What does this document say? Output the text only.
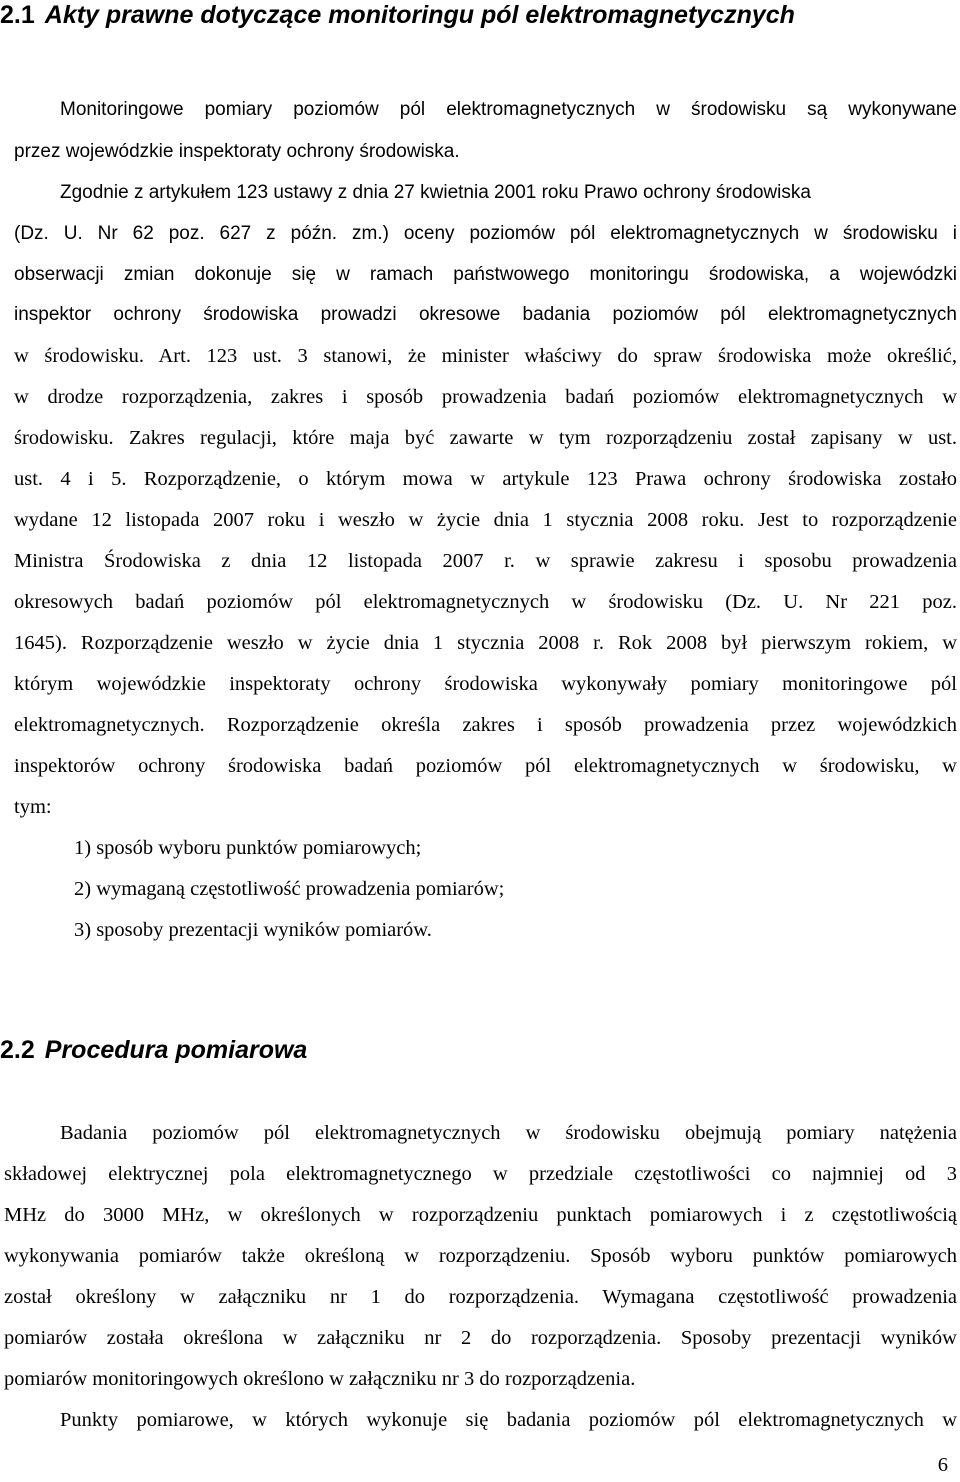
2.1 Akty prawne dotyczące monitoringu pól elektromagnetycznych

Monitoringowe pomiary poziomów pól elektromagnetycznych w środowisku są wykonywane

przez wojewódzkie inspektoraty ochrony środowiska.

Zgodnie z artykułem 123 ustawy z dnia 27 kwietnia 2001 roku Prawo ochrony środowiska

(Dz. U. Nr 62 poz. 627 z późn. zm.) oceny poziomów pól elektromagnetycznych w środowisku i

obserwacji zmian dokonuje się w ramach państwowego monitoringu środowiska, a wojewódzki

inspektor ochrony środowiska prowadzi okresowe badania poziomów pól elektromagnetycznych

w środowisku. Art. 123 ust. 3 stanowi, że minister właściwy do spraw środowiska może określić,

w drodze rozporządzenia, zakres i sposób prowadzenia badań poziomów elektromagnetycznych w

środowisku. Zakres regulacji, które maja być zawarte w tym rozporządzeniu został zapisany w ust.

ust. 4 i 5. Rozporządzenie, o którym mowa w artykule 123 Prawa ochrony środowiska zostało

wydane 12 listopada 2007 roku i weszło w życie dnia 1 stycznia 2008 roku. Jest to rozporządzenie

Ministra Środowiska z dnia 12 listopada 2007 r. w sprawie zakresu i sposobu prowadzenia

okresowych badań poziomów pól elektromagnetycznych w środowisku (Dz. U. Nr 221 poz.

1645). Rozporządzenie weszło w życie dnia 1 stycznia 2008 r. Rok 2008 był pierwszym rokiem, w

którym wojewódzkie inspektoraty ochrony środowiska wykonywały pomiary monitoringowe pól

elektromagnetycznych. Rozporządzenie określa zakres i sposób prowadzenia przez wojewódzkich

inspektorów ochrony środowiska badań poziomów pól elektromagnetycznych w środowisku, w

tym:

1) sposób wyboru punktów pomiarowych;

2) wymaganą częstotliwość prowadzenia pomiarów;

3) sposoby prezentacji wyników pomiarów.

2.2 Procedura pomiarowa

Badania poziomów pól elektromagnetycznych w środowisku obejmują pomiary natężenia

składowej elektrycznej pola elektromagnetycznego w przedziale częstotliwości co najmniej od 3

MHz do 3000 MHz, w określonych w rozporządzeniu punktach pomiarowych i z częstotliwością

wykonywania pomiarów także określoną w rozporządzeniu. Sposób wyboru punktów pomiarowych

został określony w załączniku nr 1 do rozporządzenia. Wymagana częstotliwość prowadzenia

pomiarów została określona w załączniku nr 2 do rozporządzenia. Sposoby prezentacji wyników

pomiarów monitoringowych określono w załączniku nr 3 do rozporządzenia.

Punkty pomiarowe, w których wykonuje się badania poziomów pól elektromagnetycznych w

6
